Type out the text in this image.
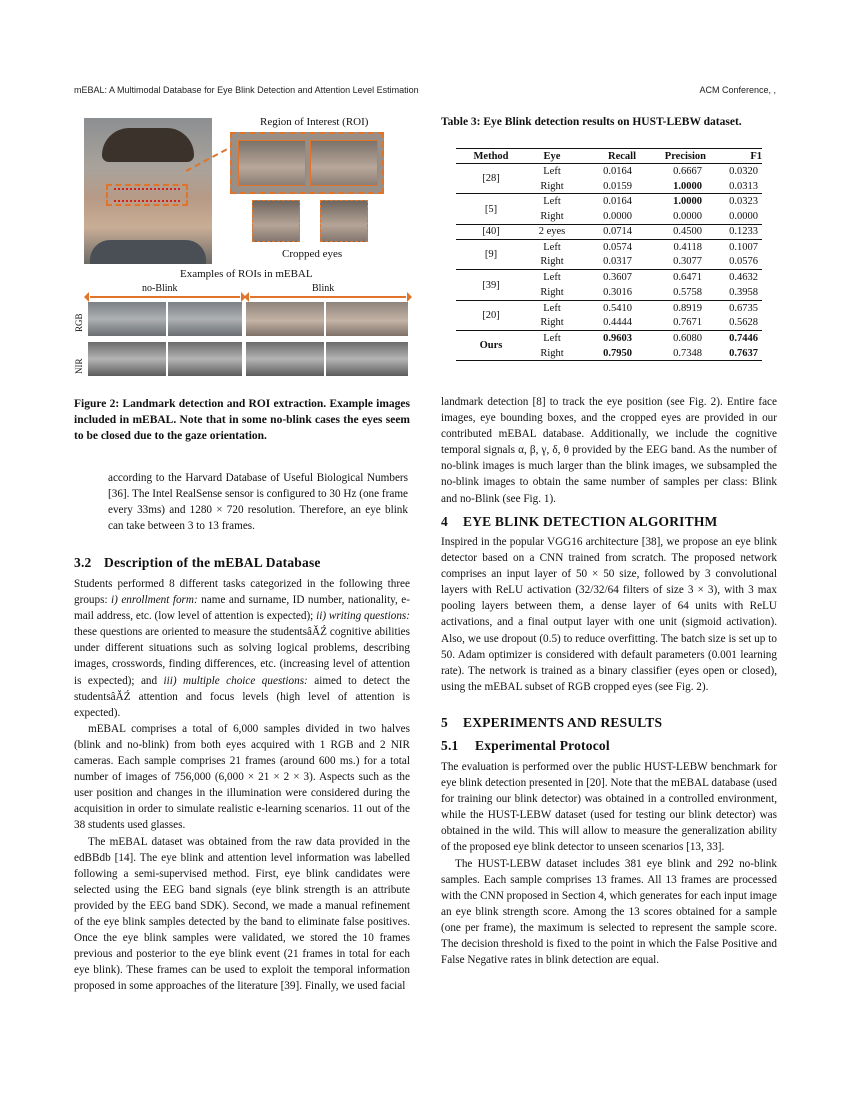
mEBAL: A Multimodal Database for Eye Blink Detection and Attention Level Estimation	ACM Conference, ,
Region of Interest (ROI)
Cropped eyes
Examples of ROIs in mEBAL
no-Blink	Blink
RGB
NIR
Figure 2: Landmark detection and ROI extraction. Example images included in mEBAL. Note that in some no-blink cases the eyes seem to be closed due to the gaze orientation.
Table 3: Eye Blink detection results on HUST-LEBW dataset.
Method	Eye	Recall	Precision	F1
[28]	Left	0.0164	0.6667	0.0320
	Right	0.0159	1.0000	0.0313
[5]	Left	0.0164	1.0000	0.0323
	Right	0.0000	0.0000	0.0000
[40]	2 eyes	0.0714	0.4500	0.1233
[9]	Left	0.0574	0.4118	0.1007
	Right	0.0317	0.3077	0.0576
[39]	Left	0.3607	0.6471	0.4632
	Right	0.3016	0.5758	0.3958
[20]	Left	0.5410	0.8919	0.6735
	Right	0.4444	0.7671	0.5628
Ours	Left	0.9603	0.6080	0.7446
	Right	0.7950	0.7348	0.7637

according to the Harvard Database of Useful Biological Numbers [36]. The Intel RealSense sensor is configured to 30 Hz (one frame every 33ms) and 1280 × 720 resolution. Therefore, an eye blink can take between 3 to 13 frames.

3.2 Description of the mEBAL Database

Students performed 8 different tasks categorized in the following three groups: i) enrollment form: name and surname, ID number, nationality, e-mail address, etc. (low level of attention is expected); ii) writing questions: these questions are oriented to measure the studentsâĂŹ cognitive abilities under different situations such as solving logical problems, describing images, crosswords, finding differences, etc. (increasing level of attention is expected); and iii) multiple choice questions: aimed to detect the studentsâĂŹ attention and focus levels (high level of attention is expected).

mEBAL comprises a total of 6,000 samples divided in two halves (blink and no-blink) from both eyes acquired with 1 RGB and 2 NIR cameras. Each sample comprises 21 frames (around 600 ms.) for a total number of images of 756,000 (6,000 × 21 × 2 × 3). Aspects such as the user position and changes in the illumination were considered during the acquisition in order to simulate realistic e-learning scenarios. 11 out of the 38 students used glasses.

The mEBAL dataset was obtained from the raw data provided in the edBBdb [14]. The eye blink and attention level information was labelled following a semi-supervised method. First, eye blink candidates were selected using the EEG band signals (eye blink strength is an attribute provided by the EEG band SDK). Second, we made a manual refinement of the eye blink samples detected by the band to eliminate false positives. Once the eye blink samples were validated, we stored the 10 frames previous and posterior to the eye blink event (21 frames in total for each eye blink). These frames can be used to exploit the temporal information proposed in some approaches of the literature [39]. Finally, we used facial

landmark detection [8] to track the eye position (see Fig. 2). Entire face images, eye bounding boxes, and the cropped eyes are provided in our contributed mEBAL database. Additionally, we include the cognitive temporal signals α, β, γ, δ, θ provided by the EEG band. As the number of no-blink images is much larger than the blink images, we subsampled the no-blink images to obtain the same number of samples per class: Blink and no-Blink (see Fig. 1).

4 EYE BLINK DETECTION ALGORITHM

Inspired in the popular VGG16 architecture [38], we propose an eye blink detector based on a CNN trained from scratch. The proposed network comprises an input layer of 50 × 50 size, followed by 3 convolutional layers with ReLU activation (32/32/64 filters of size 3 × 3), with 3 max pooling layers between them, a dense layer of 64 units with ReLU activations, and a final output layer with one unit (sigmoid activation). Also, we use dropout (0.5) to reduce overfitting. The batch size is set up to 50. Adam optimizer is considered with default parameters (0.001 learning rate). The network is trained as a binary classifier (eyes open or closed), using the mEBAL subset of RGB cropped eyes (see Fig. 2).

5 EXPERIMENTS AND RESULTS
5.1 Experimental Protocol

The evaluation is performed over the public HUST-LEBW benchmark for eye blink detection presented in [20]. Note that the mEBAL database (used for training our blink detector) was obtained in a controlled environment, while the HUST-LEBW dataset (used for testing our blink detector) was obtained in the wild. This will allow to measure the generalization ability of the proposed eye blink detector to unseen scenarios [13, 33].

The HUST-LEBW dataset includes 381 eye blink and 292 no-blink samples. Each sample comprises 13 frames. All 13 frames are processed with the CNN proposed in Section 4, which generates for each input image an eye blink strength score. Among the 13 scores obtained for a sample (one per frame), the maximum is selected to represent the sample score. The decision threshold is fixed to the point in which the False Positive and False Negative rates in blink detection are equal.
